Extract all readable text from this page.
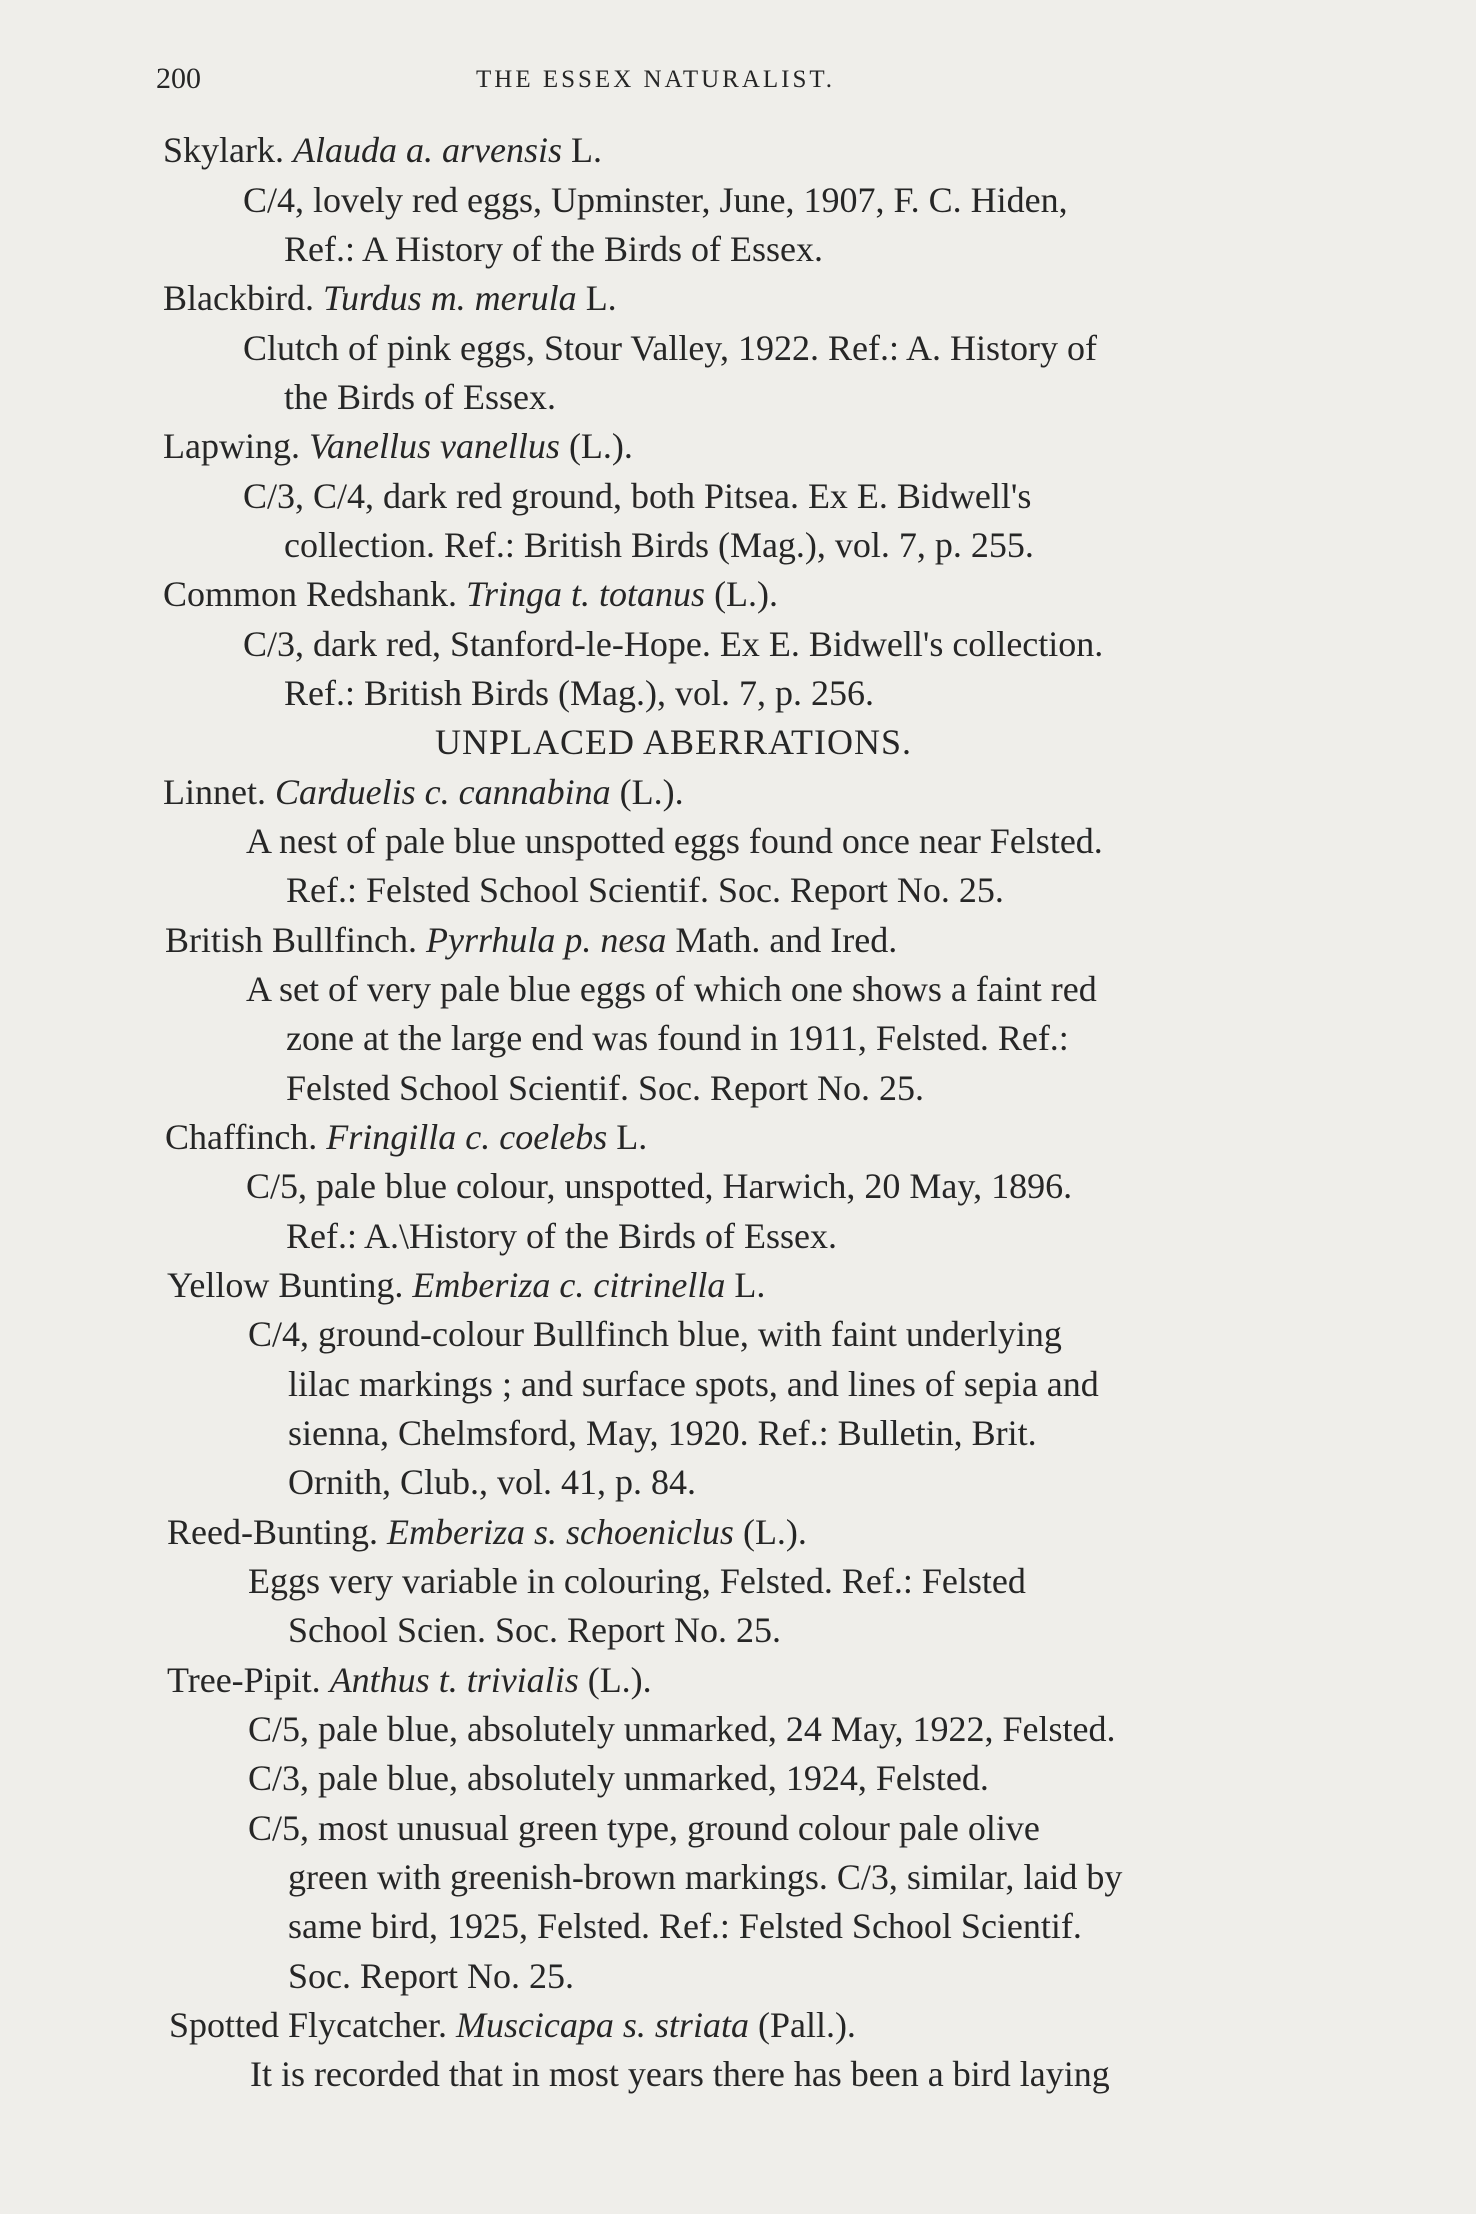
200	THE ESSEX NATURALIST.
UNPLACED ABERRATIONS.
Skylark. Alauda a. arvensis L.
C/4, lovely red eggs, Upminster, June, 1907, F. C. Hiden,
Ref.: A History of the Birds of Essex.
Blackbird. Turdus m. merula L.
Clutch of pink eggs, Stour Valley, 1922. Ref.: A. History of
the Birds of Essex.
Lapwing. Vanellus vanellus (L.).
C/3, C/4, dark red ground, both Pitsea. Ex E. Bidwell's
collection. Ref.: British Birds (Mag.), vol. 7, p. 255.
Common Redshank. Tringa t. totanus (L.).
C/3, dark red, Stanford-le-Hope. Ex E. Bidwell's collection.
Ref.: British Birds (Mag.), vol. 7, p. 256.
Linnet. Carduelis c. cannabina (L.).
A nest of pale blue unspotted eggs found once near Felsted.
Ref.: Felsted School Scientif. Soc. Report No. 25.
British Bullfinch. Pyrrhula p. nesa Math. and Ired.
A set of very pale blue eggs of which one shows a faint red
zone at the large end was found in 1911, Felsted. Ref.:
Felsted School Scientif. Soc. Report No. 25.
Chaffinch. Fringilla c. coelebs L.
C/5, pale blue colour, unspotted, Harwich, 20 May, 1896.
Ref.: A.\History of the Birds of Essex.
Yellow Bunting. Emberiza c. citrinella L.
C/4, ground-colour Bullfinch blue, with faint underlying
lilac markings ; and surface spots, and lines of sepia and
sienna, Chelmsford, May, 1920. Ref.: Bulletin, Brit.
Ornith, Club., vol. 41, p. 84.
Reed-Bunting. Emberiza s. schoeniclus (L.).
Eggs very variable in colouring, Felsted. Ref.: Felsted
School Scien. Soc. Report No. 25.
Tree-Pipit. Anthus t. trivialis (L.).
C/5, pale blue, absolutely unmarked, 24 May, 1922, Felsted.
C/3, pale blue, absolutely unmarked, 1924, Felsted.
C/5, most unusual green type, ground colour pale olive
green with greenish-brown markings. C/3, similar, laid by
same bird, 1925, Felsted. Ref.: Felsted School Scientif.
Soc. Report No. 25.
Spotted Flycatcher. Muscicapa s. striata (Pall.).
It is recorded that in most years there has been a bird laying
